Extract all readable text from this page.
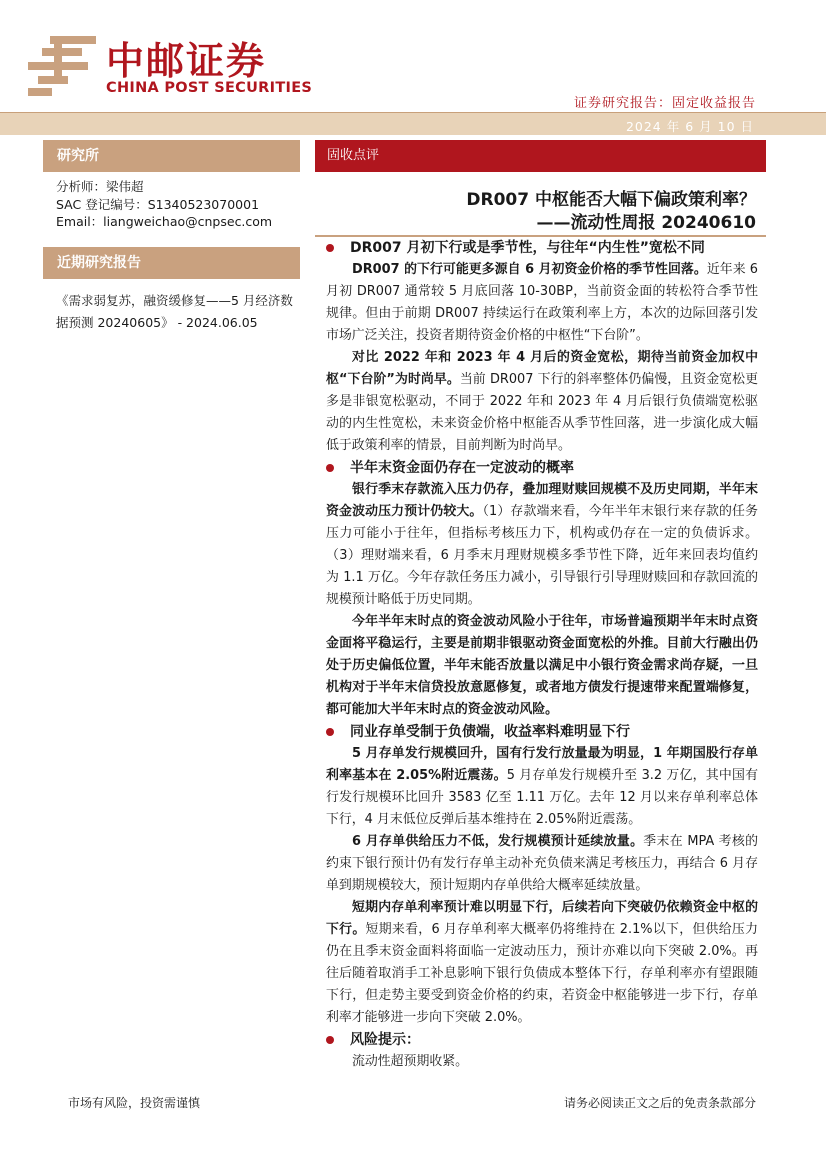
中邮证券
CHINA POST SECURITIES
证券研究报告：固定收益报告
2024 年 6 月 10 日
研究所
分析师：梁伟超
SAC 登记编号：S1340523070001
Email：liangweichao@cnpsec.com
近期研究报告
《需求弱复苏，融资缓修复——5 月经济数据预测 20240605》 - 2024.06.05
固收点评
DR007 中枢能否大幅下偏政策利率？
——流动性周报 20240610
DR007 月初下行或是季节性，与往年“内生性”宽松不同

DR007 的下行可能更多源自 6 月初资金价格的季节性回落。近年来 6 月初 DR007 通常较 5 月底回落 10-30BP，当前资金面的转松符合季节性规律。但由于前期 DR007 持续运行在政策利率上方，本次的边际回落引发市场广泛关注，投资者期待资金价格的中枢性“下台阶”。

对比 2022 年和 2023 年 4 月后的资金宽松，期待当前资金加权中枢“下台阶”为时尚早。当前 DR007 下行的斜率整体仍偏慢，且资金宽松更多是非银宽松驱动，不同于 2022 年和 2023 年 4 月后银行负债端宽松驱动的内生性宽松，未来资金价格中枢能否从季节性回落，进一步演化成大幅低于政策利率的情景，目前判断为时尚早。

半年末资金面仍存在一定波动的概率

银行季末存款流入压力仍存，叠加理财赎回规模不及历史同期，半年末资金波动压力预计仍较大。（1）存款端来看，今年半年末银行来存款的任务压力可能小于往年，但指标考核压力下，机构或仍存在一定的负债诉求。（3）理财端来看，6 月季末月理财规模多季节性下降，近年来回表均值约为 1.1 万亿。今年存款任务压力减小，引导银行引导理财赎回和存款回流的规模预计略低于历史同期。

今年半年末时点的资金波动风险小于往年，市场普遍预期半年末时点资金面将平稳运行，主要是前期非银驱动资金面宽松的外推。目前大行融出仍处于历史偏低位置，半年末能否放量以满足中小银行资金需求尚存疑，一旦机构对于半年末信贷投放意愿修复，或者地方债发行提速带来配置端修复，都可能加大半年末时点的资金波动风险。

同业存单受制于负债端，收益率料难明显下行

5 月存单发行规模回升，国有行发行放量最为明显，1 年期国股行存单利率基本在 2.05%附近震荡。5 月存单发行规模升至 3.2 万亿，其中国有行发行规模环比回升 3583 亿至 1.11 万亿。去年 12 月以来存单利率总体下行，4 月末低位反弹后基本维持在 2.05%附近震荡。

6 月存单供给压力不低，发行规模预计延续放量。季末在 MPA 考核的约束下银行预计仍有发行存单主动补充负债来满足考核压力，再结合 6 月存单到期规模较大，预计短期内存单供给大概率延续放量。

短期内存单利率预计难以明显下行，后续若向下突破仍依赖资金中枢的下行。短期来看，6 月存单利率大概率仍将维持在 2.1%以下，但供给压力仍在且季末资金面料将面临一定波动压力，预计亦难以向下突破 2.0%。再往后随着取消手工补息影响下银行负债成本整体下行，存单利率亦有望跟随下行，但走势主要受到资金价格的约束，若资金中枢能够进一步下行，存单利率才能够进一步向下突破 2.0%。

风险提示：

流动性超预期收紧。

市场有风险，投资需谨慎	请务必阅读正文之后的免责条款部分
